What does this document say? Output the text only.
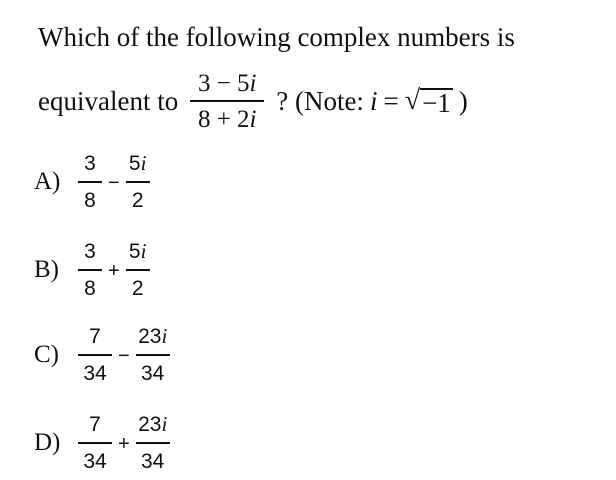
Which of the following complex numbers is
equivalent to $\frac{3 - 5i}{8 + 2i}$ ? (Note: i = √ −1 )
$A) \frac{3}{8} - \frac{5i}{2}$
$B) \frac{3}{8} + \frac{5i}{2}$
$C) \frac{7}{34} - \frac{23i}{34}$
$D) \frac{7}{34} + \frac{23i}{34}$
